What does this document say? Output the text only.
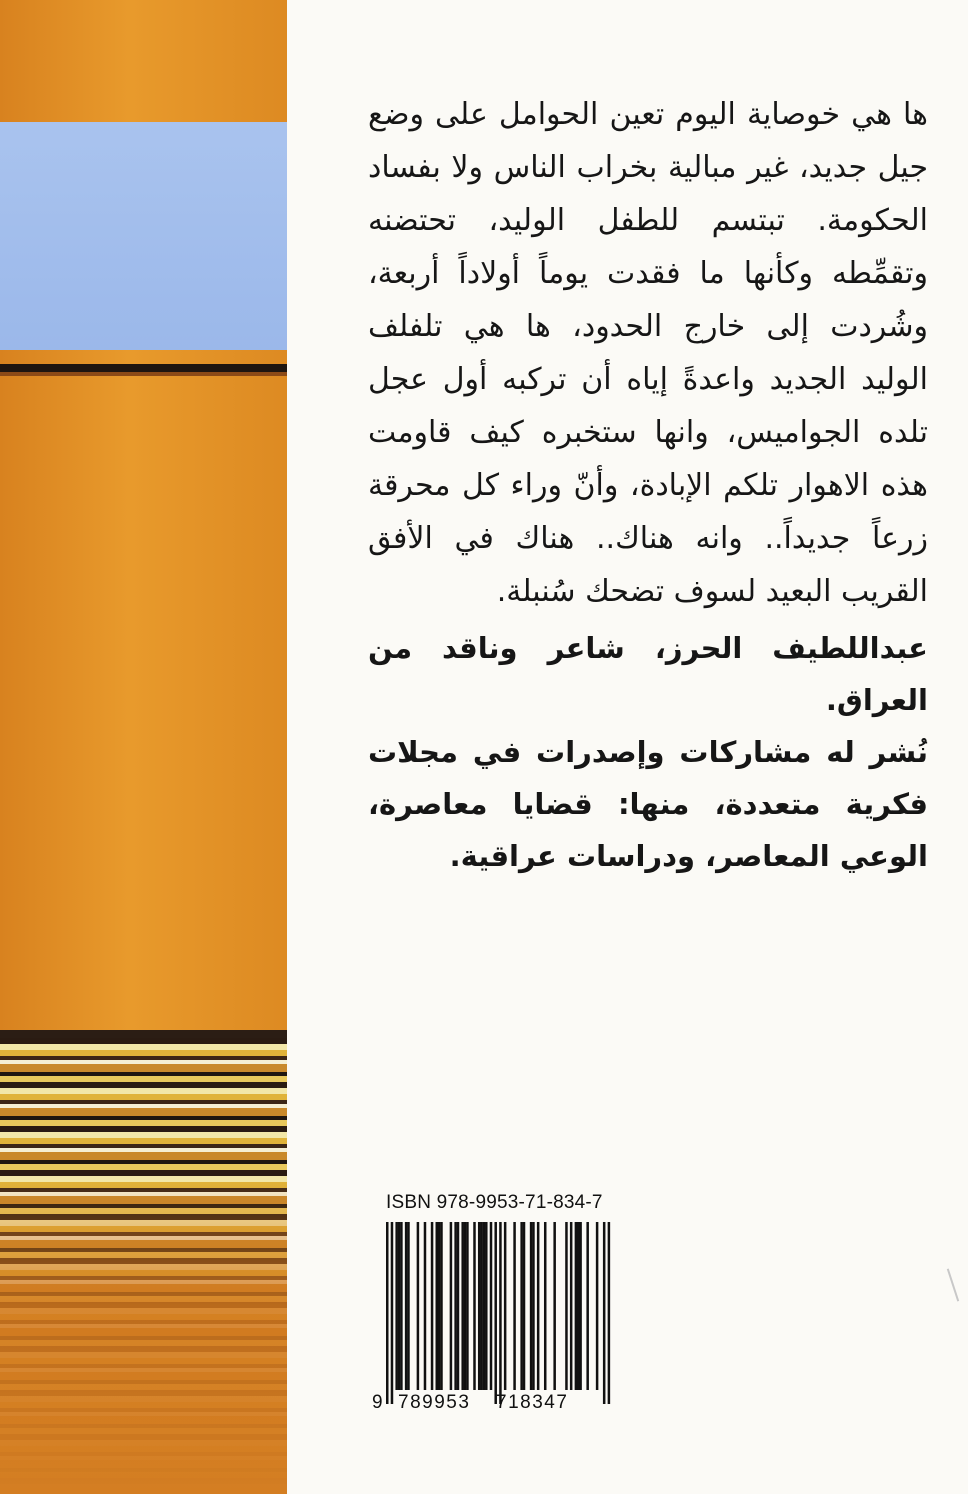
ها هي خوصاية اليوم تعين الحوامل على وضع جيل جديد، غير مبالية بخراب الناس ولا بفساد الحكومة. تبتسم للطفل الوليد، تحتضنه وتقمِّطه وكأنها ما فقدت يوماً أولاداً أربعة، وشُردت إلى خارج الحدود، ها هي تلفلف الوليد الجديد واعدةً إياه أن تركبه أول عجل تلده الجواميس، وانها ستخبره كيف قاومت هذه الاهوار تلكم الإبادة، وأنّ وراء كل محرقة زرعاً جديداً.. وانه هناك.. هناك في الأفق القريب البعيد لسوف تضحك سُنبلة.
عبداللطيف الحرز، شاعر وناقد من العراق.
نُشر له مشاركات وإصدرات في مجلات فكرية متعددة، منها: قضايا معاصرة، الوعي المعاصر، ودراسات عراقية.
ISBN 978-9953-71-834-7
9 789953 718347
